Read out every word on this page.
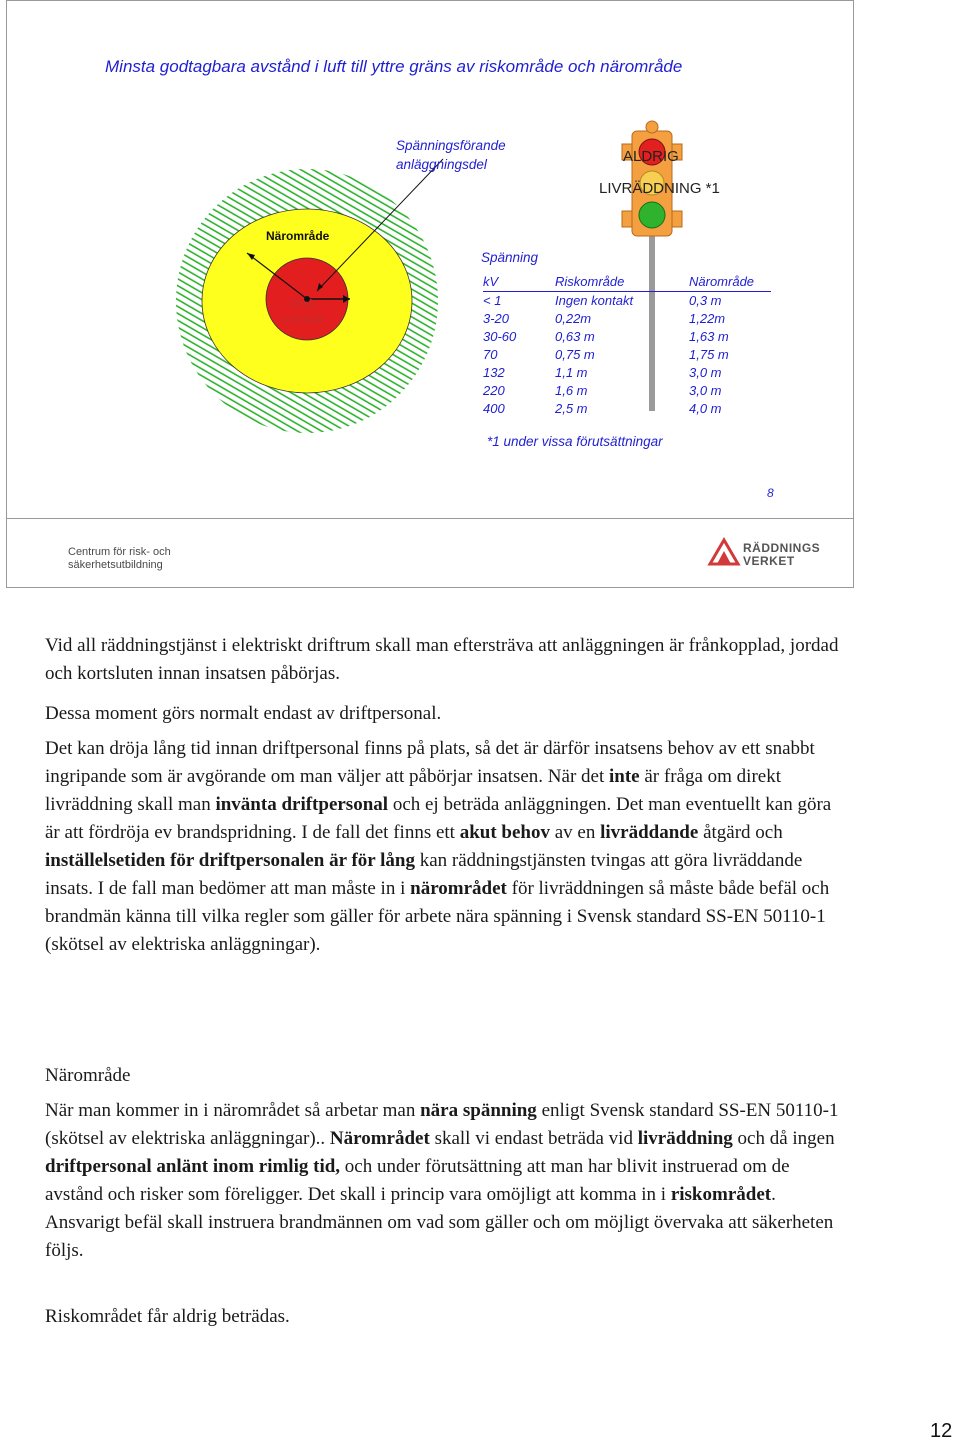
Minsta godtagbara avstånd i luft till yttre gräns av riskområde och närområde
Spänningsförande
anläggningsdel	ALDRIG
LIVRÄDDNING *1
Närområde
Risk
område
Spänning
kV	Riskområde	Närområde
< 1	Ingen kontakt	0,3 m
3-20	0,22m	1,22m
30-60	0,63 m	1,63 m
70	0,75 m	1,75 m
132	1,1 m	3,0 m
220	1,6 m	3,0 m
400	2,5 m	4,0 m
*1 under vissa förutsättningar
8
Centrum för risk- och
säkerhetsutbildning
RÄDDNINGS
VERKET
Vid all räddningstjänst i elektriskt driftrum skall man eftersträva att anläggningen är frånkopplad, jordad och kortsluten innan insatsen påbörjas.
Dessa moment görs normalt endast av driftpersonal.
Det kan dröja lång tid innan driftpersonal finns på plats, så det är därför insatsens behov av ett snabbt ingripande som är avgörande om man väljer att påbörjar insatsen. När det inte är fråga om direkt livräddning skall man invänta driftpersonal och ej beträda anläggningen. Det man eventuellt kan göra är att fördröja ev brandspridning. I de fall det finns ett akut behov av en livräddande åtgärd och inställelsetiden för driftpersonalen är för lång kan räddningstjänsten tvingas att göra livräddande insats. I de fall man bedömer att man måste in i närområdet för livräddningen så måste både befäl och brandmän känna till vilka regler som gäller för arbete nära spänning i Svensk standard SS-EN 50110-1 (skötsel av elektriska anläggningar).
Närområde
När man kommer in i närområdet så arbetar man nära spänning enligt Svensk standard SS-EN 50110-1 (skötsel av elektriska anläggningar).. Närområdet skall vi endast beträda vid livräddning och då ingen driftpersonal anlänt inom rimlig tid, och under förutsättning att man har blivit instruerad om de avstånd och risker som föreligger. Det skall i princip vara omöjligt att komma in i riskområdet. Ansvarigt befäl skall instruera brandmännen om vad som gäller och om möjligt övervaka att säkerheten följs.
Riskområdet får aldrig beträdas.
12
